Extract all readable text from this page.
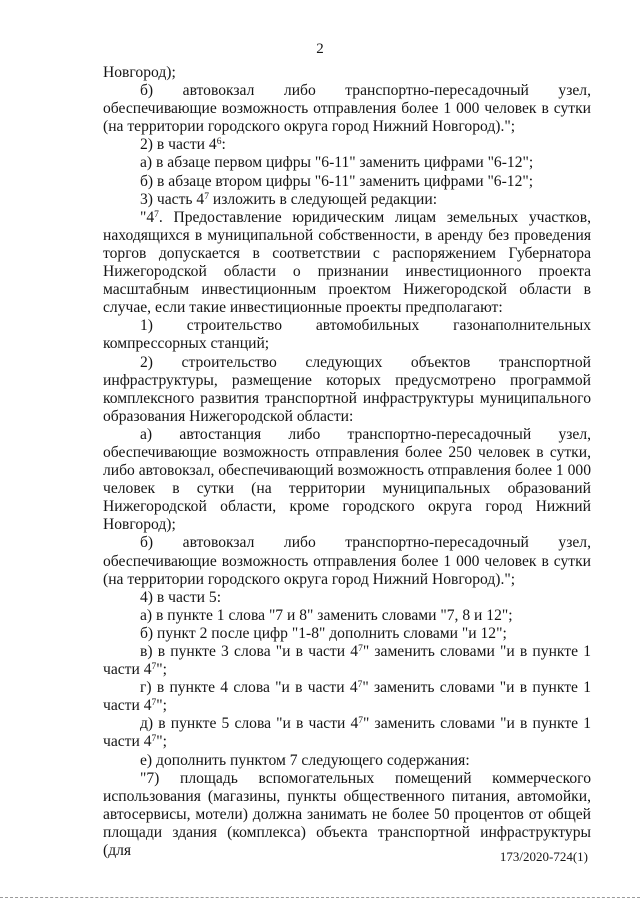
2

Новгород);

б) автовокзал либо транспортно-пересадочный узел, обеспечивающие возможность отправления более 1 000 человек в сутки (на территории городского округа город Нижний Новгород).";

2) в части $4^6$:

а) в абзаце первом цифры "6-11" заменить цифрами "6-12";

б) в абзаце втором цифры "6-11" заменить цифрами "6-12";

3) часть $4^7$ изложить в следующей редакции:

"$4^7$. Предоставление юридическим лицам земельных участков, находящихся в муниципальной собственности, в аренду без проведения торгов допускается в соответствии с распоряжением Губернатора Нижегородской области о признании инвестиционного проекта масштабным инвестиционным проектом Нижегородской области в случае, если такие инвестиционные проекты предполагают:

1) строительство автомобильных газонаполнительных компрессорных станций;

2) строительство следующих объектов транспортной инфраструктуры, размещение которых предусмотрено программой комплексного развития транспортной инфраструктуры муниципального образования Нижегородской области:

а) автостанция либо транспортно-пересадочный узел, обеспечивающие возможность отправления более 250 человек в сутки, либо автовокзал, обеспечивающий возможность отправления более 1 000 человек в сутки (на территории муниципальных образований Нижегородской области, кроме городского округа город Нижний Новгород);

б) автовокзал либо транспортно-пересадочный узел, обеспечивающие возможность отправления более 1 000 человек в сутки (на территории городского округа город Нижний Новгород).";

4) в части 5:

а) в пункте 1 слова "7 и 8" заменить словами "7, 8 и 12";

б) пункт 2 после цифр "1-8" дополнить словами "и 12";

в) в пункте 3 слова "и в части $4^7$" заменить словами "и в пункте 1 части $4^7$";

г) в пункте 4 слова "и в части $4^7$" заменить словами "и в пункте 1 части $4^7$";

д) в пункте 5 слова "и в части $4^7$" заменить словами "и в пункте 1 части $4^7$";

е) дополнить пунктом 7 следующего содержания:

"7) площадь вспомогательных помещений коммерческого использования (магазины, пункты общественного питания, автомойки, автосервисы, мотели) должна занимать не более 50 процентов от общей площади здания (комплекса) объекта транспортной инфраструктуры (для	173/2020-724(1)
